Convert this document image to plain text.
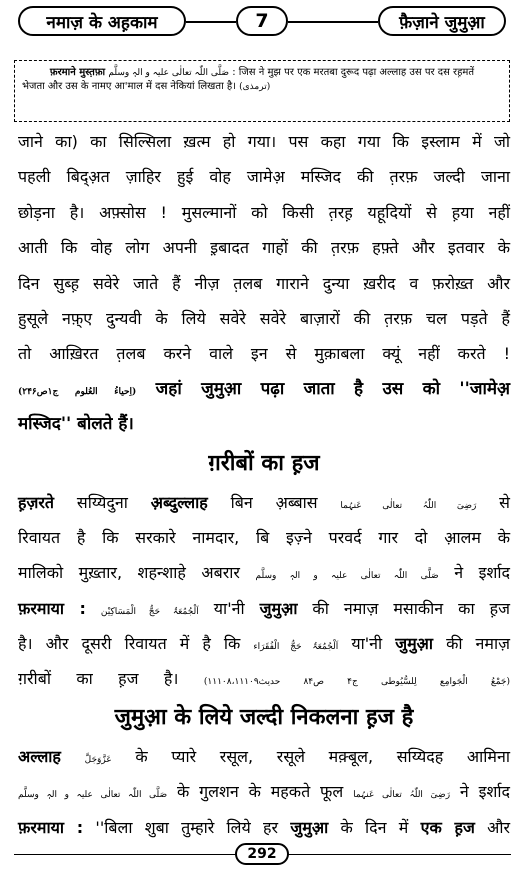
नमाज़ के अह़काम	7	फ़ैज़ाने जुमुआ़
फ़रमाने मुस्त़फ़ा صَلَّی اللّٰہ تعالٰی علیہ و الہٖ وسلَّم : जिस ने मुझ पर एक मरतबा दुरूद पढ़ा अल्लाह उस पर दस रह़मतें
भेजता और उस के नामए आ'माल में दस नेकियां लिखता है। (ترمذی)
जाने का) का सिल्सिला ख़त्म हो गया। पस कहा गया कि इस्लाम में जो
पहली बिद्अ़त ज़ाहिर हुई वोह जामेअ़ मस्जिद की त़रफ़ जल्दी जाना
छोड़ना है। अफ़्सोस ! मुसल्मानों को किसी त़रह़ यहूदियों से ह़या नहीं
आती कि वोह लोग अपनी इ़बादत गाहों की त़रफ़ हफ़्ते और इतवार के
दिन सुब्ह़ सवेरे जाते हैं नीज़ त़लब गाराने दुन्या ख़रीद व फ़रोख़्त और
हुसूले नफ़्ए दुन्यवी के लिये सवेरे सवेरे बाज़ारों की त़रफ़ चल पड़ते हैं
तो आख़िरत त़लब करने वाले इन से मुक़ाबला क्यूं नहीं करते !
(اِحیاءُ العُلوم ج۱ص۲۴۶) जहां जुमुआ़ पढ़ा जाता है उस को ''जामेअ़
मस्जिद'' बोलते हैं।
ग़रीबों का ह़ज
ह़ज़रते सय्यिदुना अ़ब्दुल्लाह बिन अ़ब्बास	رَضِیَ اللّٰہُ تعالٰی عَنہُما से
रिवायत है कि सरकारे नामदार, बि इज़्ने परवर्द गार दो आ़लम के
मालिको मुख़्तार, शहन्शाहे अबरार صَلَّی اللّٰہ تعالٰی علیہ و الہٖ وسلَّم ने इर्शाद
फ़रमाया : اَلْجُمُعَۃُ حَجُّ الْمَسَاکِیْن या'नी जुमुआ़ की नमाज़ मसाकीन का ह़ज
है। और दूसरी रिवायत में है कि اَلْجُمُعَۃُ حَجُّ الْفُقَرَاء या'नी जुमुआ़ की नमाज़
ग़रीबों का ह़ज है।	(جَمْعُ الْجَوامِع لِلسُّیُوطی ج۴ ص۸۴ حدیث۱۱۱۰۸،۱۱۱۰۹)
जुमुआ़ के लिये जल्दी निकलना ह़ज है
अल्लाह	عَزَّوَجَلَّ के प्यारे रसूल, रसूले मक़्बूल, सय्यिदह आमिना
صَلَّی اللّٰہ تعالٰی علیہ و الہٖ وسلَّم के गुलशन के महकते फूल رَضِیَ اللّٰہُ تعالٰی عَنہُما ने इर्शाद
फ़रमाया : ''बिला शुबा तुम्हारे लिये हर जुमुआ़ के दिन में एक ह़ज और
292
